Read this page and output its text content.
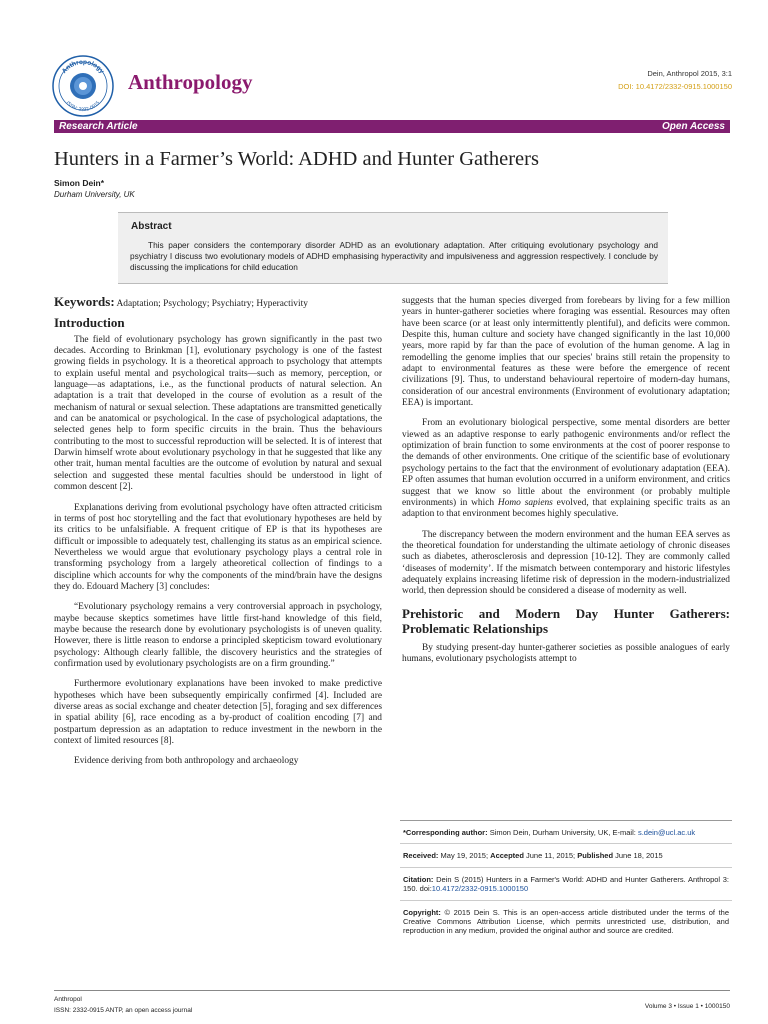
Anthropology
ISSN: 2332-0915
Anthropology	Dein, Anthropol 2015, 3:1
DOI: 10.4172/2332-0915.1000150
Research Article	Open Access
Hunters in a Farmer’s World: ADHD and Hunter Gatherers
Simon Dein*
Durham University, UK
Abstract
This paper considers the contemporary disorder ADHD as an evolutionary adaptation. After critiquing evolutionary psychology and psychiatry I discuss two evolutionary models of ADHD emphasising hyperactivity and impulsiveness and aggression respectively. I conclude by discussing the implications for child education

Keywords: Adaptation; Psychology; Psychiatry; Hyperactivity

Introduction

The field of evolutionary psychology has grown significantly in the past two decades. According to Brinkman [1], evolutionary psychology is one of the fastest growing fields in psychology. It is a theoretical approach to psychology that attempts to explain useful mental and psychological traits—such as memory, perception, or language—as adaptations, i.e., as the functional products of natural selection. An adaptation is a trait that developed in the course of evolution as a result of the mechanism of natural or sexual selection. These adaptations are transmitted genetically and can be anatomical or psychological. In the case of psychological adaptations, the selected genes help to form specific circuits in the brain. Thus the behaviours contributing to the most to successful reproduction will be selected. It is of interest that Darwin himself wrote about evolutionary psychology in that he suggested that like any other trait, human mental faculties are the outcome of evolution by natural and sexual selection and suggested these mental faculties should be understood in light of common descent [2].

Explanations deriving from evolutional psychology have often attracted criticism in terms of post hoc storytelling and the fact that evolutionary hypotheses are held by its critics to be unfalsifiable. A frequent critique of EP is that its hypotheses are difficult or impossible to adequately test, challenging its status as an empirical science. Nevertheless we would argue that evolutionary psychology plays a central role in transforming psychology from a largely atheoretical collection of findings to a discipline which accounts for why the components of the mind/brain have the designs they do. Edouard Machery [3] concludes:

“Evolutionary psychology remains a very controversial approach in psychology, maybe because skeptics sometimes have little first-hand knowledge of this field, maybe because the research done by evolutionary psychologists is of uneven quality. However, there is little reason to endorse a principled skepticism toward evolutionary psychology: Although clearly fallible, the discovery heuristics and the strategies of confirmation used by evolutionary psychologists are on a firm grounding.”

Furthermore evolutionary explanations have been invoked to make predictive hypotheses which have been subsequently empirically confirmed [4]. Included are diverse areas as social exchange and cheater detection [5], foraging and sex differences in spatial ability [6], race encoding as a by-product of coalition encoding [7] and postpartum depression as an adaptation to reduce investment in the newborn in the context of limited resources [8].

Evidence deriving from both anthropology and archaeology

suggests that the human species diverged from forebears by living for a few million years in hunter-gatherer societies where foraging was essential. Resources may often have been scarce (or at least only intermittently plentiful), and deficits were common. Despite this, human culture and society have changed significantly in the last 10,000 years, more rapid by far than the pace of evolution of the human genome. A lag in remodelling the genome implies that our species' brains still retain the propensity to adapt to environmental features as these were before the emergence of recent civilizations [9]. Thus, to understand behavioural repertoire of modern-day humans, consideration of our ancestral environments (Environment of evolutionary adaptation; EEA) is important.

From an evolutionary biological perspective, some mental disorders are better viewed as an adaptive response to early pathogenic environments and/or reflect the optimization of brain function to some environments at the cost of poorer response to the demands of other environments. One critique of the scientific base of evolutionary psychology pertains to the fact that the environment of evolutionary adaptation (EEA). EP often assumes that human evolution occurred in a uniform environment, and critics suggest that we know so little about the environment (or probably multiple environments) in which Homo sapiens evolved, that explaining specific traits as an adaption to that environment becomes highly speculative.

The discrepancy between the modern environment and the human EEA serves as the theoretical foundation for understanding the ultimate aetiology of chronic diseases such as diabetes, atherosclerosis and depression [10-12]. They are commonly called ‘diseases of modernity’. If the mismatch between contemporary and historic lifestyles adequately explains increasing lifetime risk of depression in the modern-industrialized world, then depression should be considered a disease of modernity as well.

Prehistoric and Modern Day Hunter Gatherers: Problematic Relationships

By studying present-day hunter-gatherer societies as possible analogues of early humans, evolutionary psychologists attempt to

*Corresponding author: Simon Dein, Durham University, UK, E-mail: s.dein@ucl.ac.uk
Received: May 19, 2015; Accepted June 11, 2015; Published June 18, 2015
Citation: Dein S (2015) Hunters in a Farmer's World: ADHD and Hunter Gatherers. Anthropol 3: 150. doi:10.4172/2332-0915.1000150
Copyright: © 2015 Dein S. This is an open-access article distributed under the terms of the Creative Commons Attribution License, which permits unrestricted use, distribution, and reproduction in any medium, provided the original author and source are credited.
Anthropol
ISSN: 2332-0915 ANTP, an open access journal
Volume 3 • Issue 1 • 1000150
